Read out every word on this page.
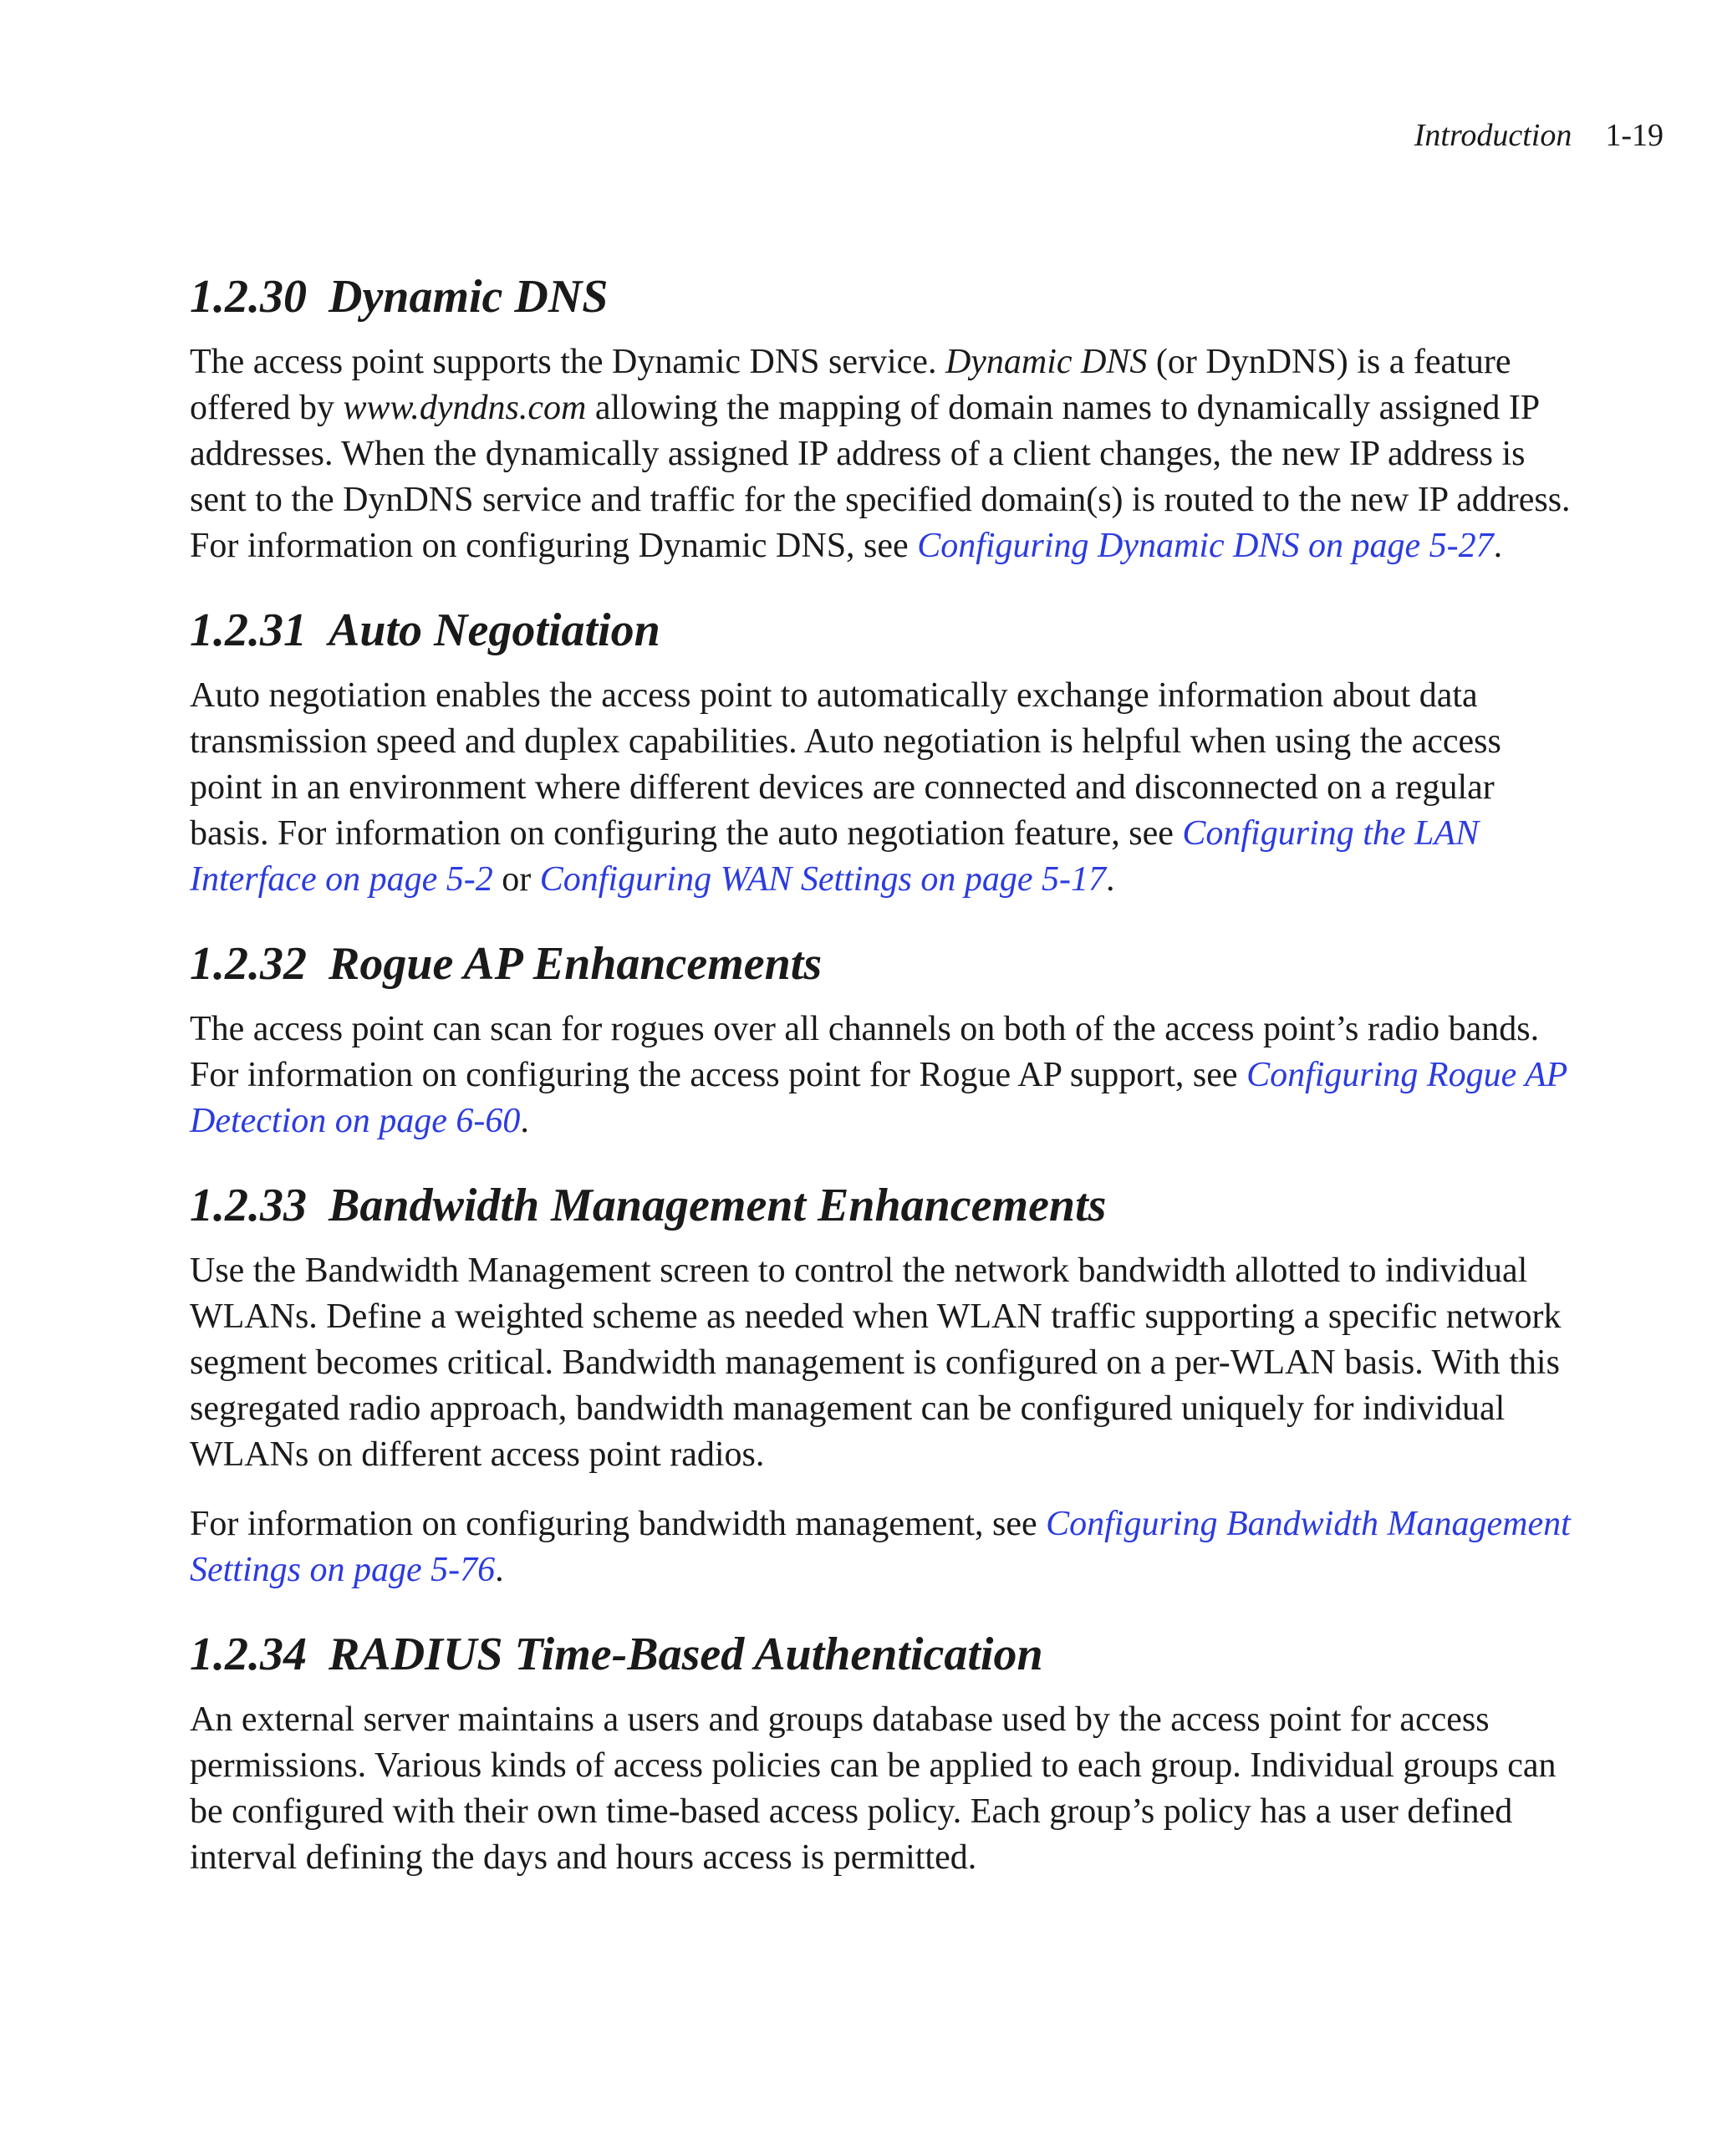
Introduction 1-19
1.2.30 Dynamic DNS

The access point supports the Dynamic DNS service. Dynamic DNS (or DynDNS) is a feature offered by www.dyndns.com allowing the mapping of domain names to dynamically assigned IP addresses. When the dynamically assigned IP address of a client changes, the new IP address is sent to the DynDNS service and traffic for the specified domain(s) is routed to the new IP address. For information on configuring Dynamic DNS, see Configuring Dynamic DNS on page 5-27.

1.2.31 Auto Negotiation

Auto negotiation enables the access point to automatically exchange information about data transmission speed and duplex capabilities. Auto negotiation is helpful when using the access point in an environment where different devices are connected and disconnected on a regular basis. For information on configuring the auto negotiation feature, see Configuring the LAN Interface on page 5-2 or Configuring WAN Settings on page 5-17.

1.2.32 Rogue AP Enhancements

The access point can scan for rogues over all channels on both of the access point’s radio bands. For information on configuring the access point for Rogue AP support, see Configuring Rogue AP Detection on page 6-60.

1.2.33 Bandwidth Management Enhancements

Use the Bandwidth Management screen to control the network bandwidth allotted to individual WLANs. Define a weighted scheme as needed when WLAN traffic supporting a specific network segment becomes critical. Bandwidth management is configured on a per-WLAN basis. With this segregated radio approach, bandwidth management can be configured uniquely for individual WLANs on different access point radios.

For information on configuring bandwidth management, see Configuring Bandwidth Management Settings on page 5-76.

1.2.34 RADIUS Time-Based Authentication

An external server maintains a users and groups database used by the access point for access permissions. Various kinds of access policies can be applied to each group. Individual groups can be configured with their own time-based access policy. Each group’s policy has a user defined interval defining the days and hours access is permitted.
